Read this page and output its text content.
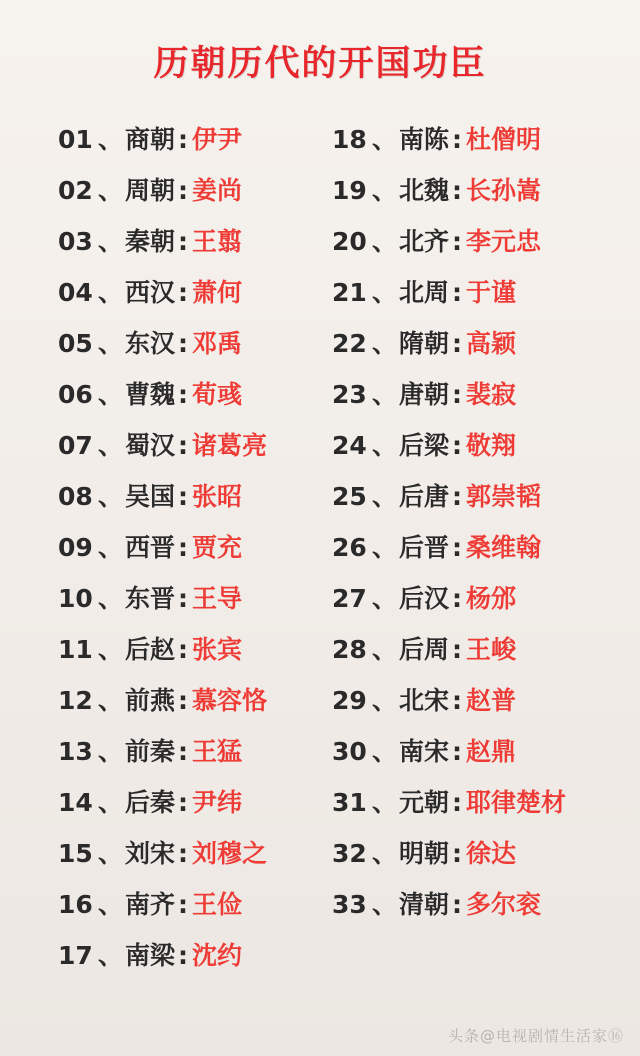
历朝历代的开国功臣
01 、 商朝 : 伊尹
02 、 周朝 : 姜尚
03 、 秦朝 : 王翦
04 、 西汉 : 萧何
05 、 东汉 : 邓禹
06 、 曹魏 : 荀彧
07 、 蜀汉 : 诸葛亮
08 、 吴国 : 张昭
09 、 西晋 : 贾充
10 、 东晋 : 王导
11 、 后赵 : 张宾
12 、 前燕 : 慕容恪
13 、 前秦 : 王猛
14 、 后秦 : 尹纬
15 、 刘宋 : 刘穆之
16 、 南齐 : 王俭
17 、 南梁 : 沈约
18 、 南陈 : 杜僧明
19 、 北魏 : 长孙嵩
20 、 北齐 : 李元忠
21 、 北周 : 于谨
22 、 隋朝 : 高颖
23 、 唐朝 : 裴寂
24 、 后梁 : 敬翔
25 、 后唐 : 郭崇韬
26 、 后晋 : 桑维翰
27 、 后汉 : 杨邠
28 、 后周 : 王峻
29 、 北宋 : 赵普
30 、 南宋 : 赵鼎
31 、 元朝 : 耶律楚材
32 、 明朝 : 徐达
33 、 清朝 : 多尔衮
头条@电视剧情生活家⑯
